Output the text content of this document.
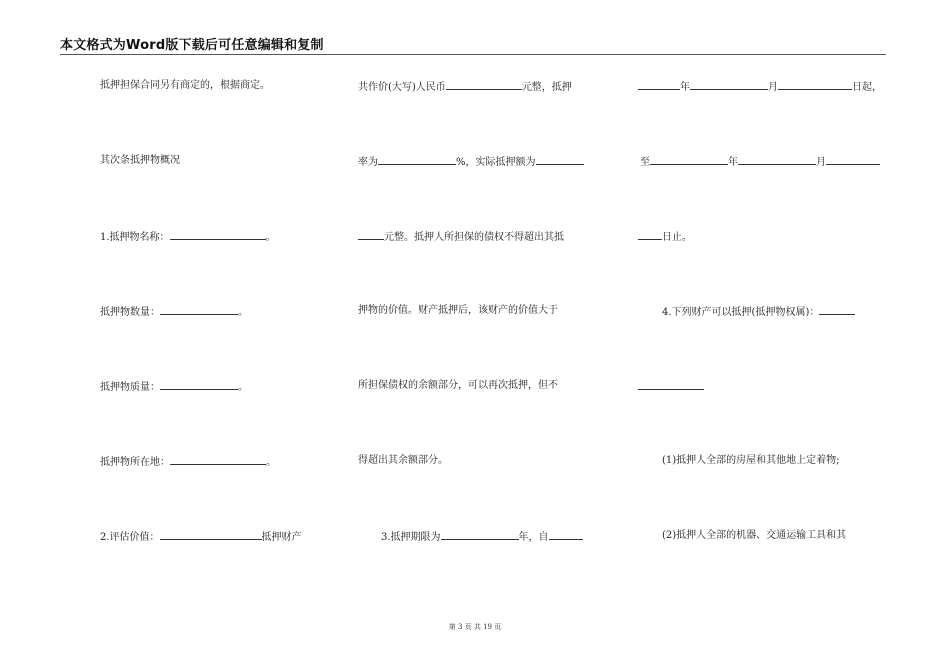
本文格式为Word版下载后可任意编辑和复制
抵押担保合同另有商定的，根据商定。
其次条抵押物概况
1.抵押物名称：	。
抵押物数量：	。
抵押物质量：	。
抵押物所在地：	。
2.评估价值：	抵押财产
共作价(大写)人民币	元整，抵押
率为	%，实际抵押额为
元整。抵押人所担保的债权不得超出其抵
押物的价值。财产抵押后，该财产的价值大于
所担保债权的余额部分，可以再次抵押，但不
得超出其余额部分。
3.抵押期限为	年，自
年	月	日起，
至	年	月
日止。
4.下列财产可以抵押(抵押物权属)：
(1)抵押人全部的房屋和其他地上定着物;
(2)抵押人全部的机器、交通运输工具和其
第 3 页 共 19 页
